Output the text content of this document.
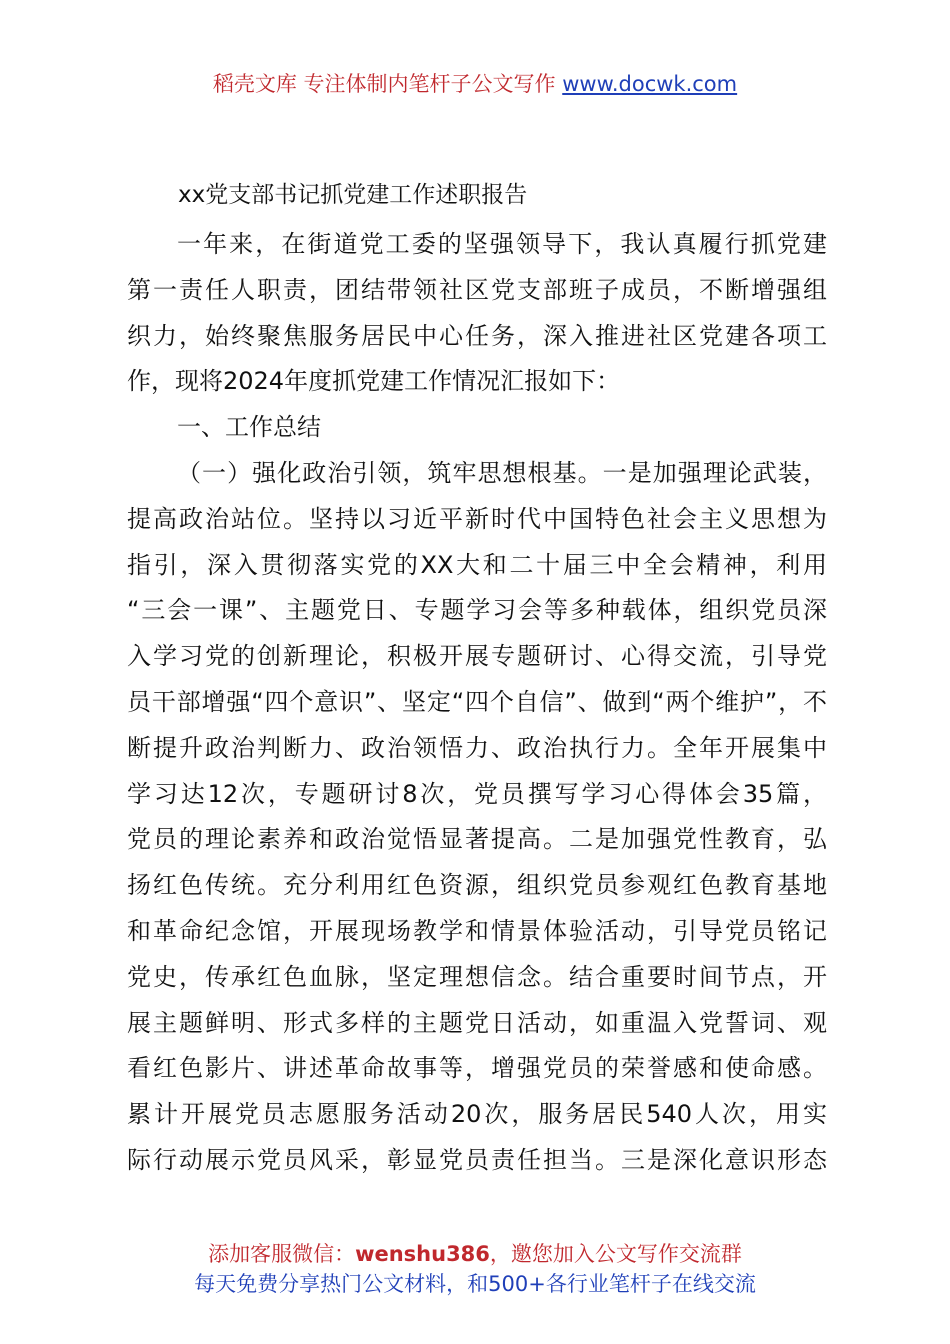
稻壳文库 专注体制内笔杆子公文写作 www.docwk.com
xx党支部书记抓党建工作述职报告
一年来，在街道党工委的坚强领导下，我认真履行抓党建
第一责任人职责，团结带领社区党支部班子成员，不断增强组
织力，始终聚焦服务居民中心任务，深入推进社区党建各项工
作，现将2024年度抓党建工作情况汇报如下：
一、工作总结
（一）强化政治引领，筑牢思想根基。一是加强理论武装，
提高政治站位。坚持以习近平新时代中国特色社会主义思想为
指引，深入贯彻落实党的XX大和二十届三中全会精神，利用
“三会一课”、主题党日、专题学习会等多种载体，组织党员深
入学习党的创新理论，积极开展专题研讨、心得交流，引导党
员干部增强“四个意识”、坚定“四个自信”、做到“两个维护”，不
断提升政治判断力、政治领悟力、政治执行力。全年开展集中
学习达12次，专题研讨8次，党员撰写学习心得体会35篇，
党员的理论素养和政治觉悟显著提高。二是加强党性教育，弘
扬红色传统。充分利用红色资源，组织党员参观红色教育基地
和革命纪念馆，开展现场教学和情景体验活动，引导党员铭记
党史，传承红色血脉，坚定理想信念。结合重要时间节点，开
展主题鲜明、形式多样的主题党日活动，如重温入党誓词、观
看红色影片、讲述革命故事等，增强党员的荣誉感和使命感。
累计开展党员志愿服务活动20次，服务居民540人次，用实
际行动展示党员风采，彰显党员责任担当。三是深化意识形态
添加客服微信：wenshu386，邀您加入公文写作交流群
每天免费分享热门公文材料，和500+各行业笔杆子在线交流
